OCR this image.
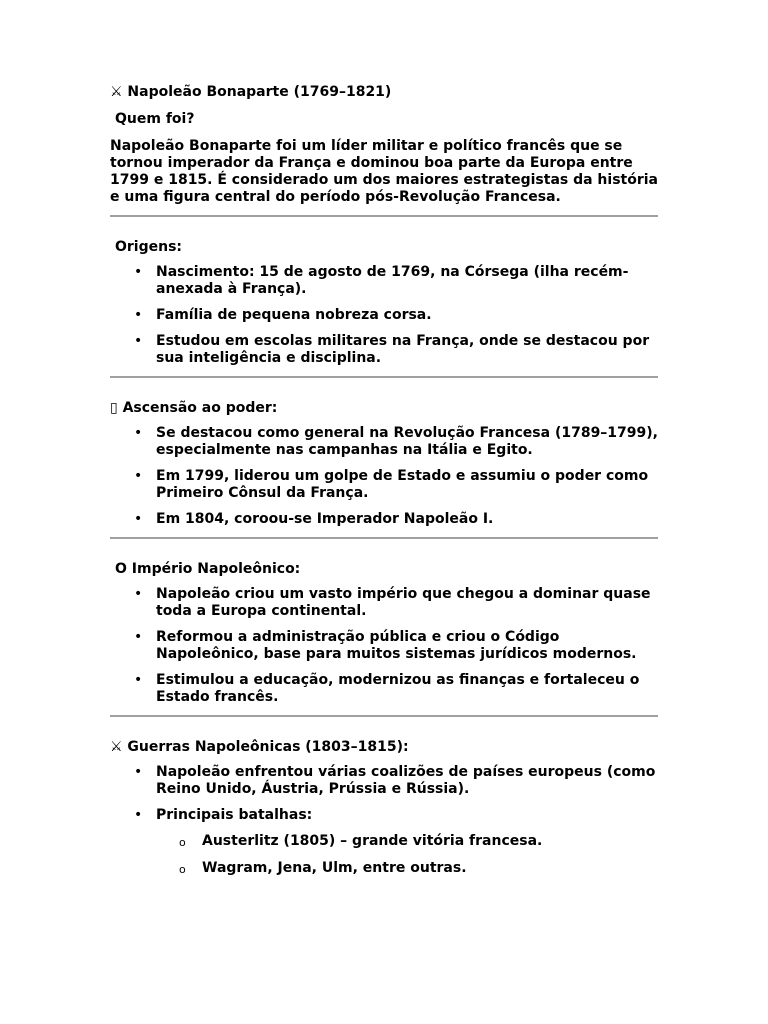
⚔ Napoleão Bonaparte (1769–1821)
Quem foi?
Napoleão Bonaparte foi um líder militar e político francês que se tornou imperador da França e dominou boa parte da Europa entre 1799 e 1815. É considerado um dos maiores estrategistas da história e uma figura central do período pós-Revolução Francesa.
Origens:
• Nascimento: 15 de agosto de 1769, na Córsega (ilha recém-anexada à França).
• Família de pequena nobreza corsa.
• Estudou em escolas militares na França, onde se destacou por sua inteligência e disciplina.
▯ Ascensão ao poder:
• Se destacou como general na Revolução Francesa (1789–1799), especialmente nas campanhas na Itália e Egito.
• Em 1799, liderou um golpe de Estado e assumiu o poder como Primeiro Cônsul da França.
• Em 1804, coroou-se Imperador Napoleão I.
O Império Napoleônico:
• Napoleão criou um vasto império que chegou a dominar quase toda a Europa continental.
• Reformou a administração pública e criou o Código Napoleônico, base para muitos sistemas jurídicos modernos.
• Estimulou a educação, modernizou as finanças e fortaleceu o Estado francês.
⚔ Guerras Napoleônicas (1803–1815):
• Napoleão enfrentou várias coalizões de países europeus (como Reino Unido, Áustria, Prússia e Rússia).
• Principais batalhas:
o Austerlitz (1805) – grande vitória francesa.
o Wagram, Jena, Ulm, entre outras.
